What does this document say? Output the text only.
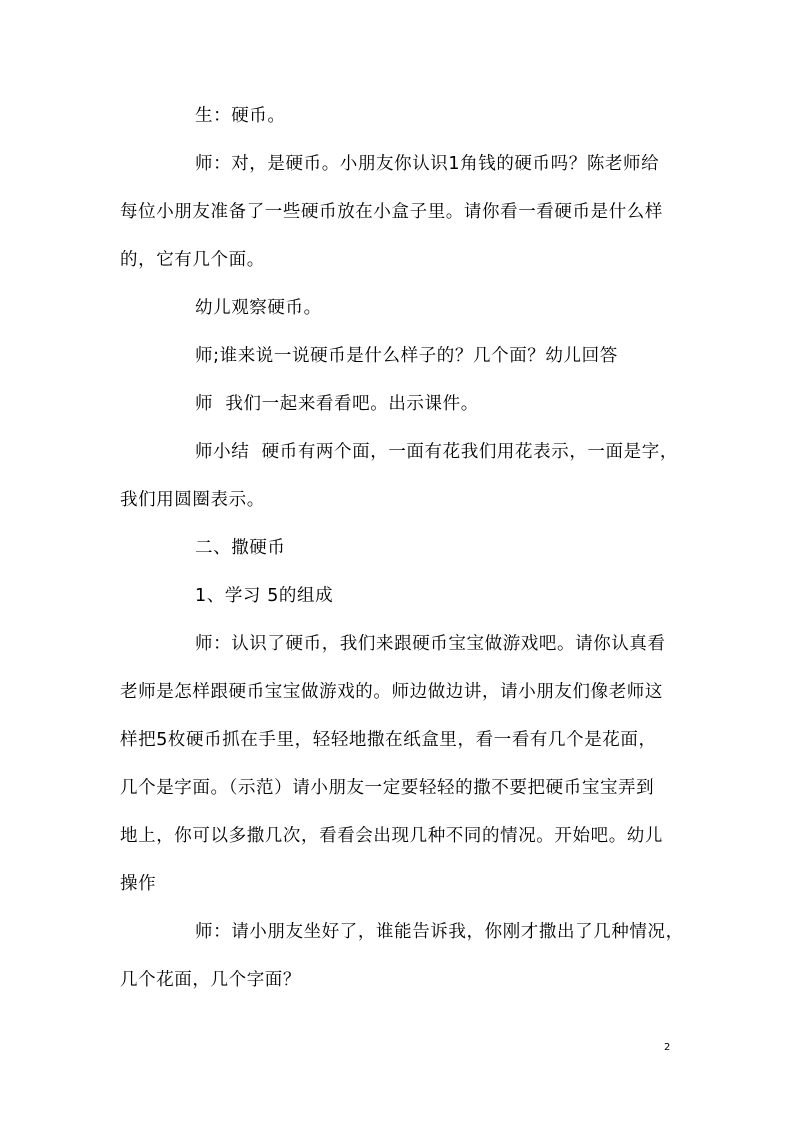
生：硬币。
师：对，是硬币。小朋友你认识1角钱的硬币吗？陈老师给
每位小朋友准备了一些硬币放在小盒子里。请你看一看硬币是什么样
的，它有几个面。
幼儿观察硬币。
师;谁来说一说硬币是什么样子的？几个面？幼儿回答
师  我们一起来看看吧。出示课件。
师小结  硬币有两个面，一面有花我们用花表示，一面是字，
我们用圆圈表示。
二、撒硬币
1、学习 5的组成
师：认识了硬币，我们来跟硬币宝宝做游戏吧。请你认真看
老师是怎样跟硬币宝宝做游戏的。师边做边讲，请小朋友们像老师这
样把5枚硬币抓在手里，轻轻地撒在纸盒里，看一看有几个是花面，
几个是字面。（示范）请小朋友一定要轻轻的撒不要把硬币宝宝弄到
地上，你可以多撒几次，看看会出现几种不同的情况。开始吧。幼儿
操作
师：请小朋友坐好了，谁能告诉我，你刚才撒出了几种情况，
几个花面，几个字面？
2
